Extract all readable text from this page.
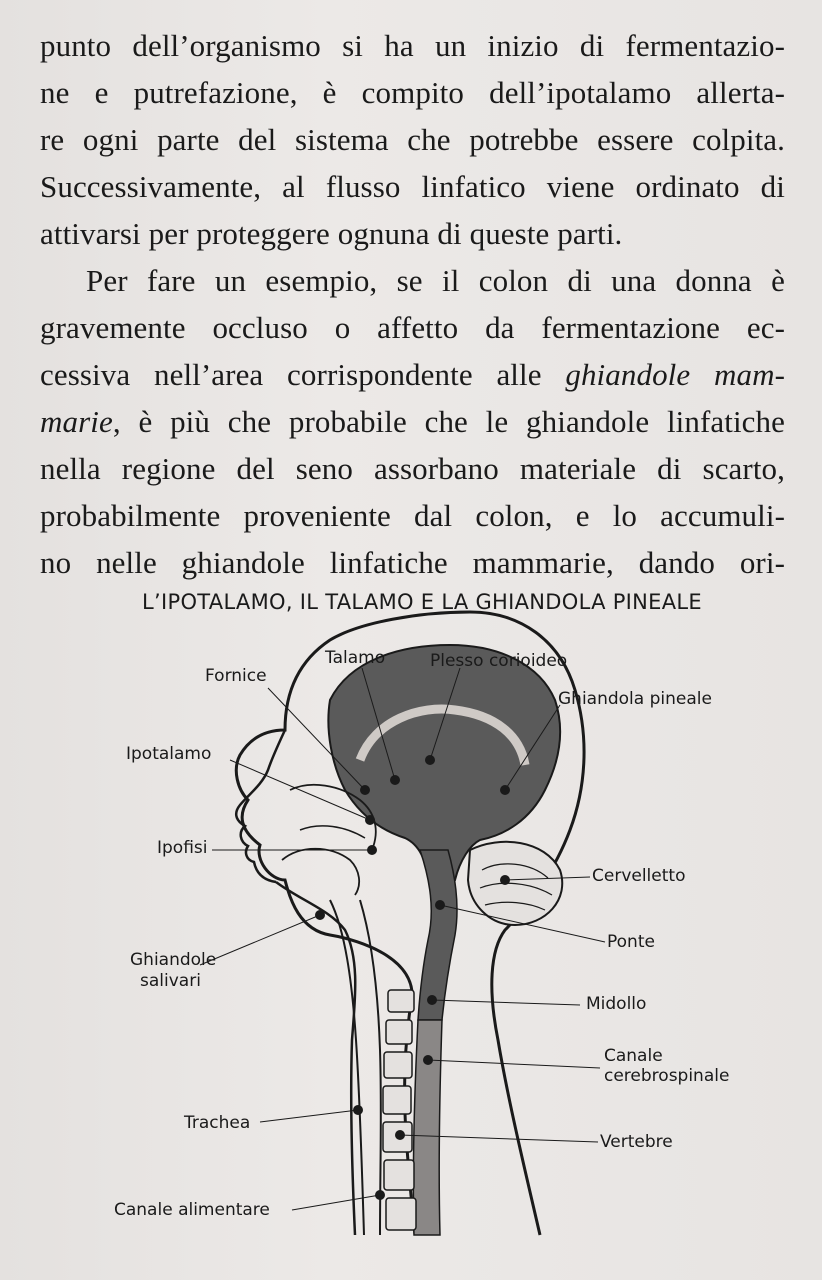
punto dell’organismo si ha un inizio di fermentazio-
ne e putrefazione, è compito dell’ipotalamo allerta-
re ogni parte del sistema che potrebbe essere colpita.
Successivamente, al flusso linfatico viene ordinato di
attivarsi per proteggere ognuna di queste parti.
Per fare un esempio, se il colon di una donna è
gravemente occluso o affetto da fermentazione ec-
cessiva nell’area corrispondente alle ghiandole mam-
marie, è più che probabile che le ghiandole linfatiche
nella regione del seno assorbano materiale di scarto,
probabilmente proveniente dal colon, e lo accumuli-
no nelle ghiandole linfatiche mammarie, dando ori-
L’IPOTALAMO, IL TALAMO E LA GHIANDOLA PINEALE
Fornice
Talamo	Plesso corioideo
Ghiandola pineale
Ipotalamo
Ipofisi
Cervelletto
Ponte
Ghiandole
salivari
Midollo
Canale
cerebrospinale
Trachea
Vertebre
Canale alimentare
